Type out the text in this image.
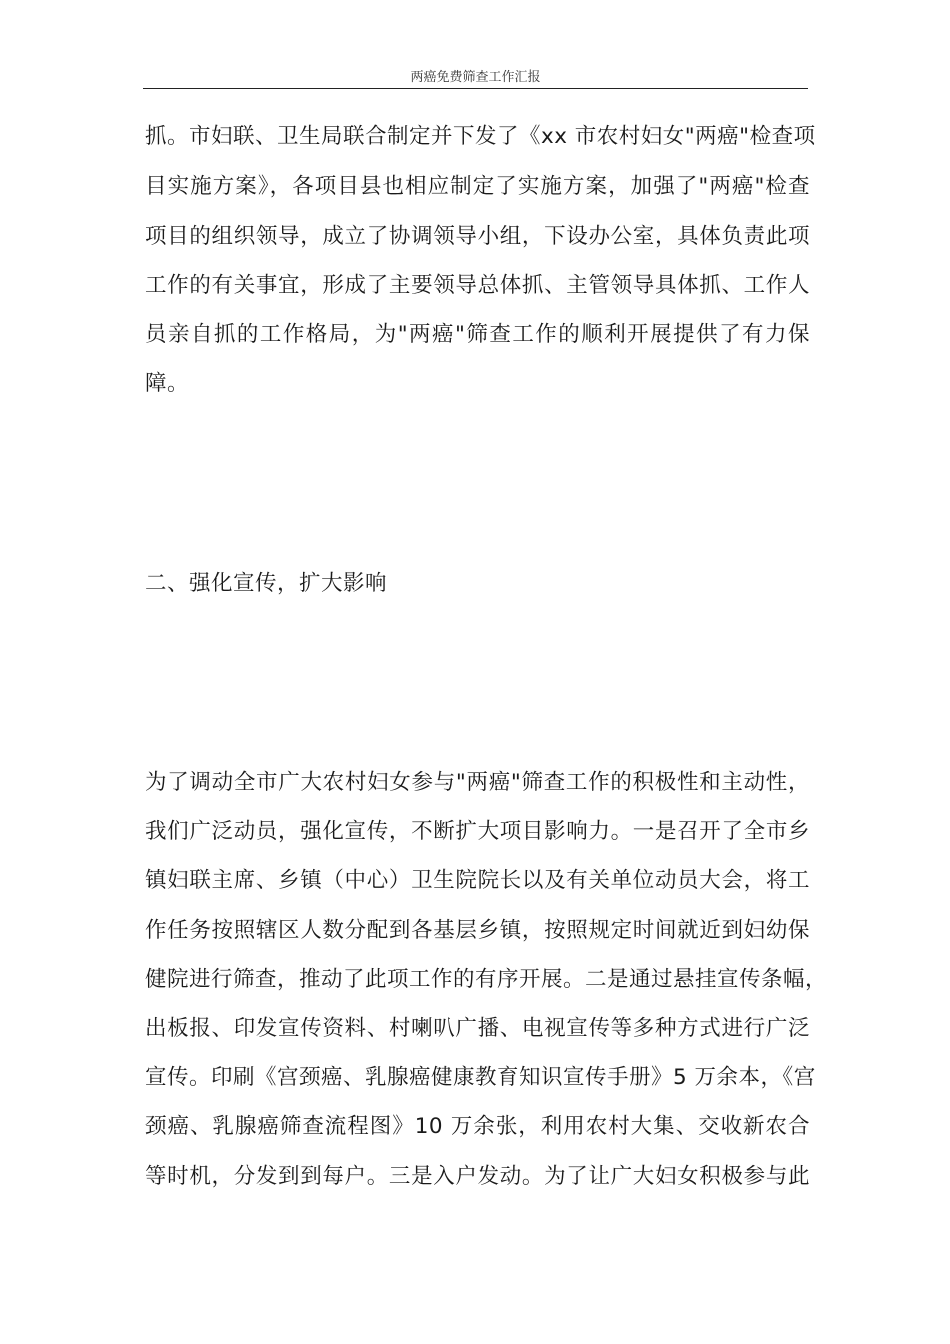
两癌免费筛查工作汇报
抓。市妇联、卫生局联合制定并下发了《xx 市农村妇女"两癌"检查项
目实施方案》，各项目县也相应制定了实施方案，加强了"两癌"检查
项目的组织领导，成立了协调领导小组，下设办公室，具体负责此项
工作的有关事宜，形成了主要领导总体抓、主管领导具体抓、工作人
员亲自抓的工作格局，为"两癌"筛查工作的顺利开展提供了有力保
障。
二、强化宣传，扩大影响
为了调动全市广大农村妇女参与"两癌"筛查工作的积极性和主动性，
我们广泛动员，强化宣传，不断扩大项目影响力。一是召开了全市乡
镇妇联主席、乡镇（中心）卫生院院长以及有关单位动员大会，将工
作任务按照辖区人数分配到各基层乡镇，按照规定时间就近到妇幼保
健院进行筛查，推动了此项工作的有序开展。二是通过悬挂宣传条幅，
出板报、印发宣传资料、村喇叭广播、电视宣传等多种方式进行广泛
宣传。印刷《宫颈癌、乳腺癌健康教育知识宣传手册》5 万余本，《宫
颈癌、乳腺癌筛查流程图》10 万余张，利用农村大集、交收新农合
等时机，分发到到每户。三是入户发动。为了让广大妇女积极参与此
